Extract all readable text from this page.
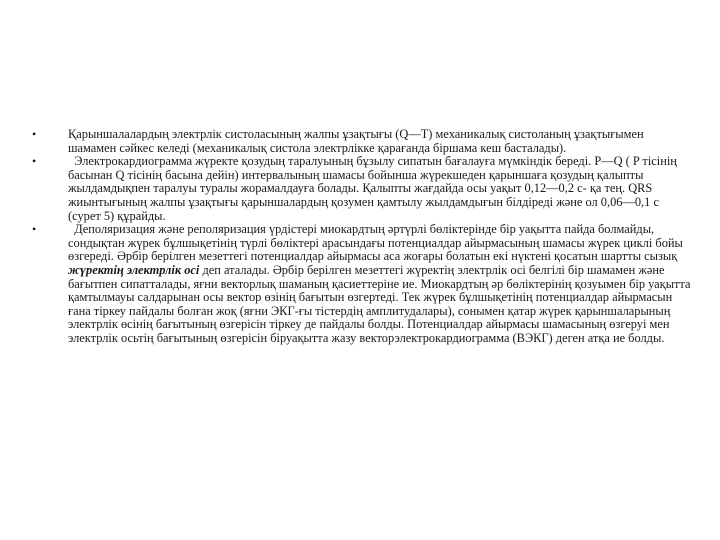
•	Қарыншалалардың электрлік систоласының жалпы ұзақтығы (Q—T) механикалық систоланың ұзақтығымен шамамен сәйкес келеді (механикалық систола электрлікке қарағанда біршама кеш басталады).
•	Электрокардиограмма жүректе қозудың таралуының бұзылу сипатын бағалауға мүмкіндік береді. P—Q ( P тісінің басынан Q тісінің басына дейін) интервалының шамасы бойынша жүрекшеден қарыншаға қозудың қалыпты жылдамдықпен таралуы туралы жорамалдауға болады. Қалыпты жағдайда осы уақыт 0,12—0,2 с- қа тең. QRS жиынтығының жалпы ұзақтығы қарыншалардың қозумен қамтылу жылдамдығын білдіреді және ол 0,06—0,1 с (сурет 5) құрайды.
•	Деполяризация және реполяризация үрдістері миокардтың әртүрлі бөліктерінде бір уақытта пайда болмайды, сондықтан жүрек бұлшықетінің түрлі бөліктері арасындағы потенциалдар айырмасының шамасы жүрек циклі бойы өзгереді. Әрбір берілген мезеттегі потенциалдар айырмасы аса жоғары болатын екі нүктені қосатын шартты сызық жүректің электрлік осі деп аталады. Әрбір берілген мезеттегі жүректің электрлік осі белгілі бір шамамен және бағытпен сипатталады, яғни векторлық шаманың қасиеттеріне ие. Миокардтың әр бөліктерінің қозуымен бір уақытта қамтылмауы салдарынан осы вектор өзінің бағытын өзгертеді. Тек жүрек бұлшықетінің потенциалдар айырмасын ғана тіркеу пайдалы болған жоқ (яғни ЭКГ-ғы тістердің амплитудалары), сонымен қатар жүрек қарыншаларының электрлік өсінің бағытының өзгерісін тіркеу де пайдалы болды. Потенциалдар айырмасы шамасының өзгеруі мен электрлік осьтің бағытының өзгерісін біруақытта жазу векторэлектрокардиограмма (ВЭКГ) деген атқа ие болды.
